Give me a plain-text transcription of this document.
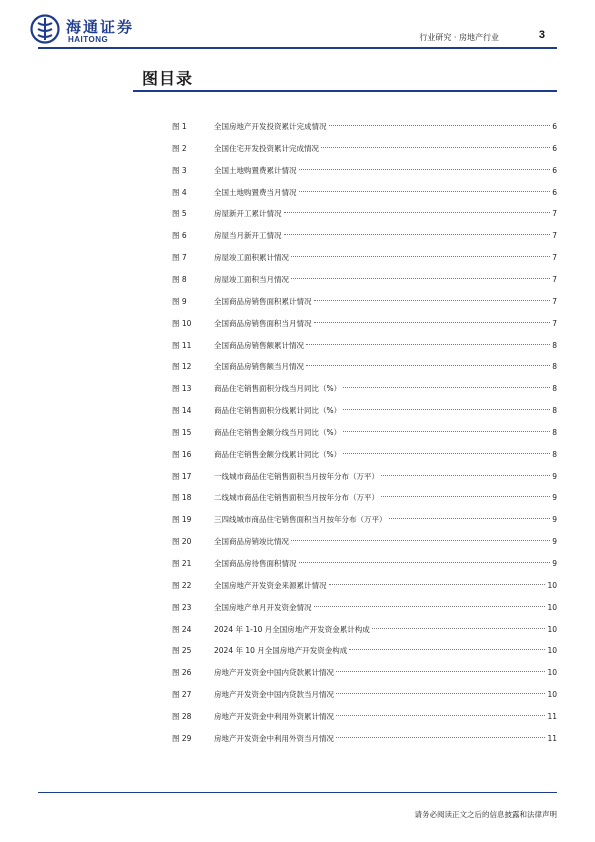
海通证券
HAITONG	行业研究 · 房地产行业	3
图目录
图 1	全国房地产开发投资累计完成情况	6
图 2	全国住宅开发投资累计完成情况	6
图 3	全国土地购置费累计情况	6
图 4	全国土地购置费当月情况	6
图 5	房屋新开工累计情况	7
图 6	房屋当月新开工情况	7
图 7	房屋竣工面积累计情况	7
图 8	房屋竣工面积当月情况	7
图 9	全国商品房销售面积累计情况	7
图 10	全国商品房销售面积当月情况	7
图 11	全国商品房销售额累计情况	8
图 12	全国商品房销售额当月情况	8
图 13	商品住宅销售面积分线当月同比（%）	8
图 14	商品住宅销售面积分线累计同比（%）	8
图 15	商品住宅销售金额分线当月同比（%）	8
图 16	商品住宅销售金额分线累计同比（%）	8
图 17	一线城市商品住宅销售面积当月按年分布（万平）	9
图 18	二线城市商品住宅销售面积当月按年分布（万平）	9
图 19	三四线城市商品住宅销售面积当月按年分布（万平）	9
图 20	全国商品房销竣比情况	9
图 21	全国商品房待售面积情况	9
图 22	全国房地产开发资金来源累计情况	10
图 23	全国房地产单月开发资金情况	10
图 24	2024 年 1-10 月全国房地产开发资金累计构成	10
图 25	2024 年 10 月全国房地产开发资金构成	10
图 26	房地产开发资金中国内贷款累计情况	10
图 27	房地产开发资金中国内贷款当月情况	10
图 28	房地产开发资金中利用外资累计情况	11
图 29	房地产开发资金中利用外资当月情况	11
请务必阅读正文之后的信息披露和法律声明
